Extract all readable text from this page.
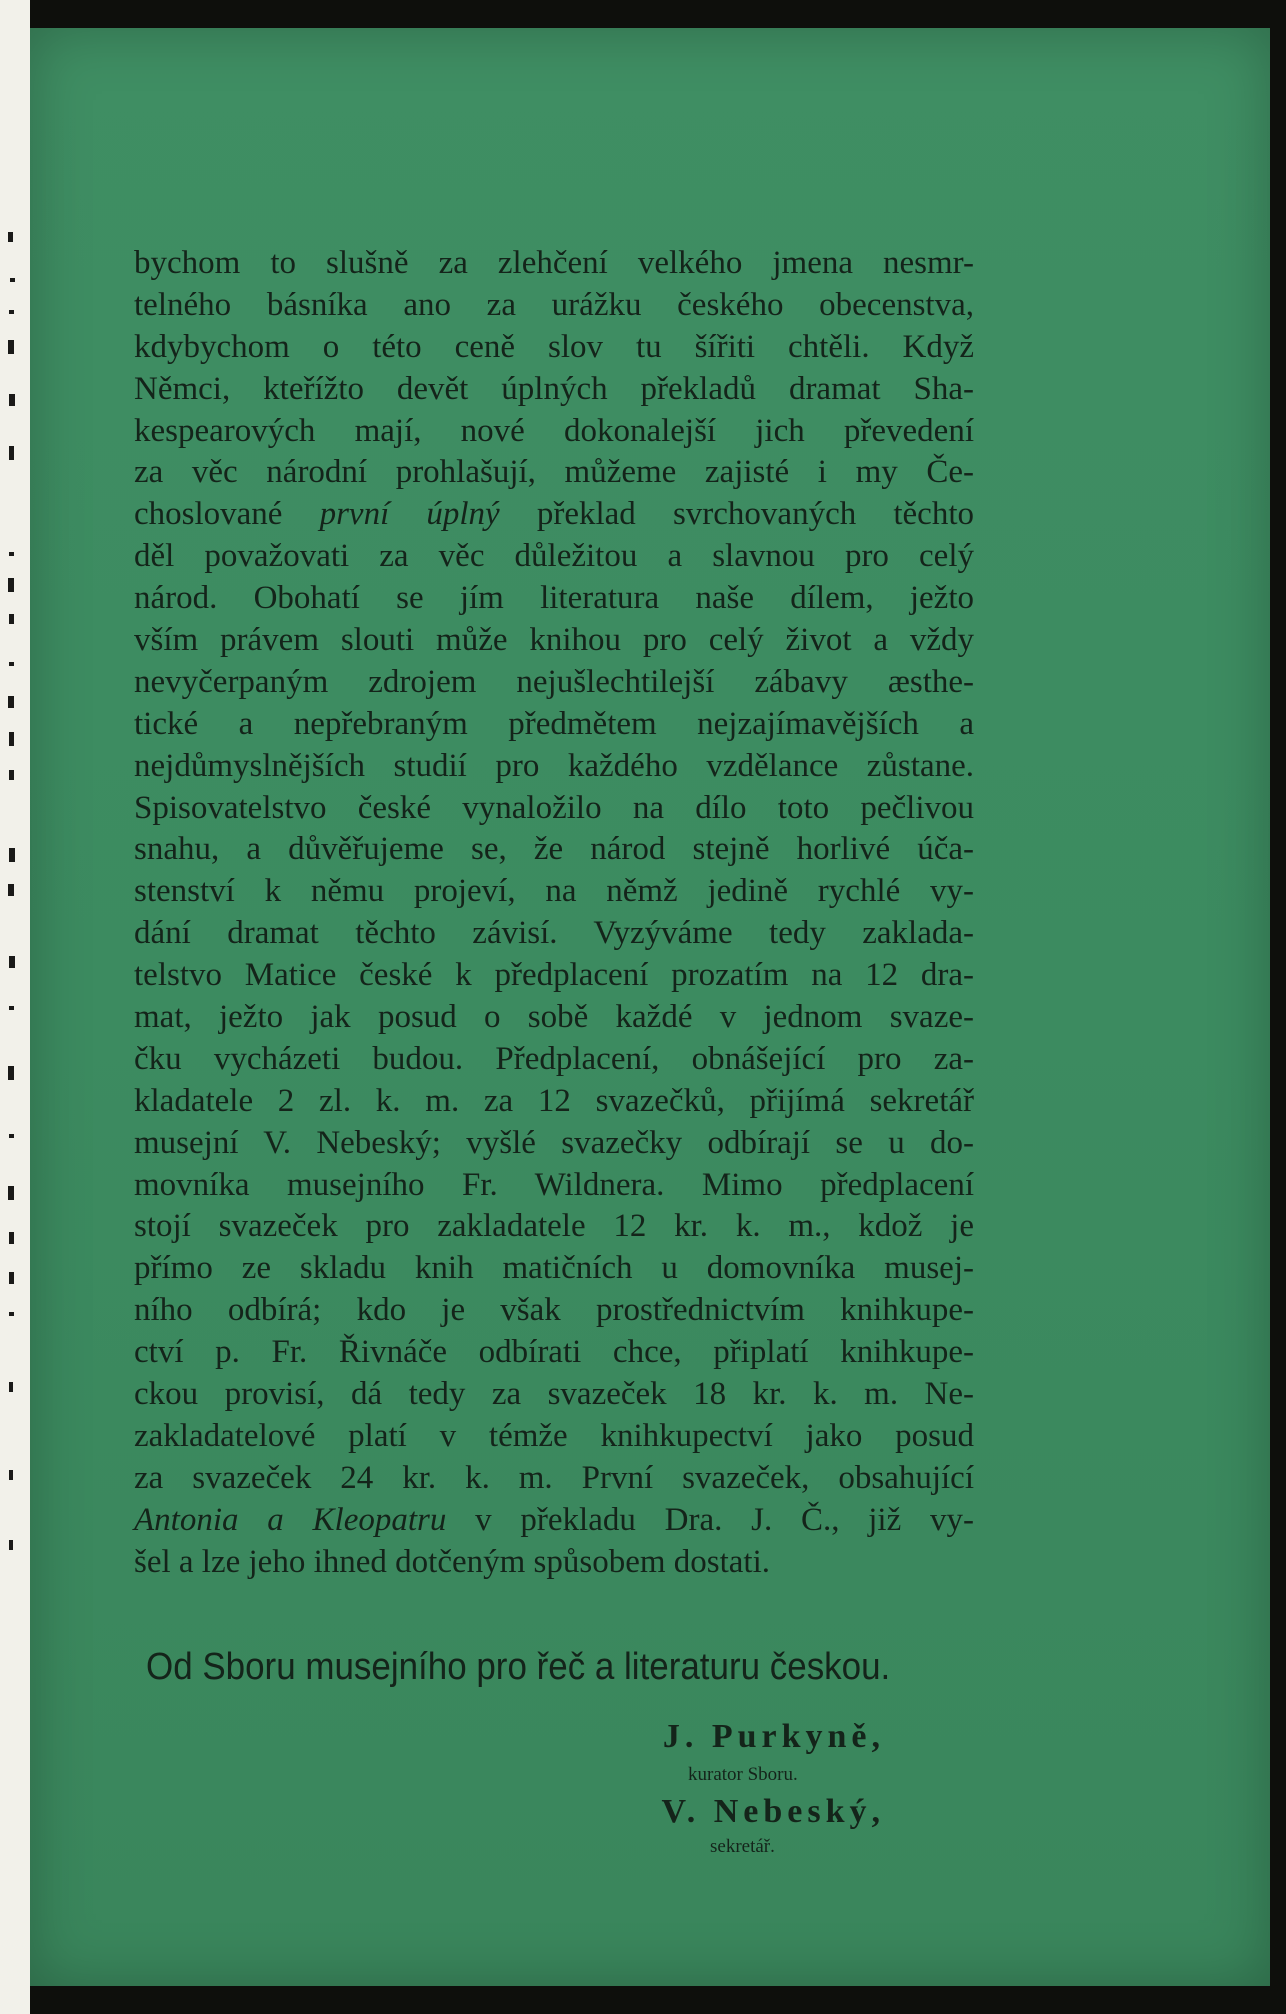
bychom to slušně za zlehčení velkého jmena nesmr-
telného básníka ano za urážku českého obecenstva,
kdybychom o této ceně slov tu šířiti chtěli. Když
Němci, kteřížto devět úplných překladů dramat Sha-
kespearových mají, nové dokonalejší jich převedení
za věc národní prohlašují, můžeme zajisté i my Če-
choslované první úplný překlad svrchovaných těchto
děl považovati za věc důležitou a slavnou pro celý
národ. Obohatí se jím literatura naše dílem, ježto
vším právem slouti může knihou pro celý život a vždy
nevyčerpaným zdrojem nejušlechtilejší zábavy æsthe-
tické a nepřebraným předmětem nejzajímavějších a
nejdůmyslnějších studií pro každého vzdělance zůstane.
Spisovatelstvo české vynaložilo na dílo toto pečlivou
snahu, a důvěřujeme se, že národ stejně horlivé úča-
stenství k němu projeví, na němž jedině rychlé vy-
dání dramat těchto závisí. Vyzýváme tedy zaklada-
telstvo Matice české k předplacení prozatím na 12 dra-
mat, ježto jak posud o sobě každé v jednom svaze-
čku vycházeti budou. Předplacení, obnášející pro za-
kladatele 2 zl. k. m. za 12 svazečků, přijímá sekretář
musejní V. Nebeský; vyšlé svazečky odbírají se u do-
movníka musejního Fr. Wildnera. Mimo předplacení
stojí svazeček pro zakladatele 12 kr. k. m., kdož je
přímo ze skladu knih matičních u domovníka musej-
ního odbírá; kdo je však prostřednictvím knihkupe-
ctví p. Fr. Řivnáče odbírati chce, připlatí knihkupe-
ckou provisí, dá tedy za svazeček 18 kr. k. m. Ne-
zakladatelové platí v témže knihkupectví jako posud
za svazeček 24 kr. k. m. První svazeček, obsahující
Antonia a Kleopatru v překladu Dra. J. Č., již vy-
šel a lze jeho ihned dotčeným spůsobem dostati.
Od Sboru musejního pro řeč a literaturu českou.
J. Purkyně,
kurator Sboru.
V. Nebeský,
sekretář.
